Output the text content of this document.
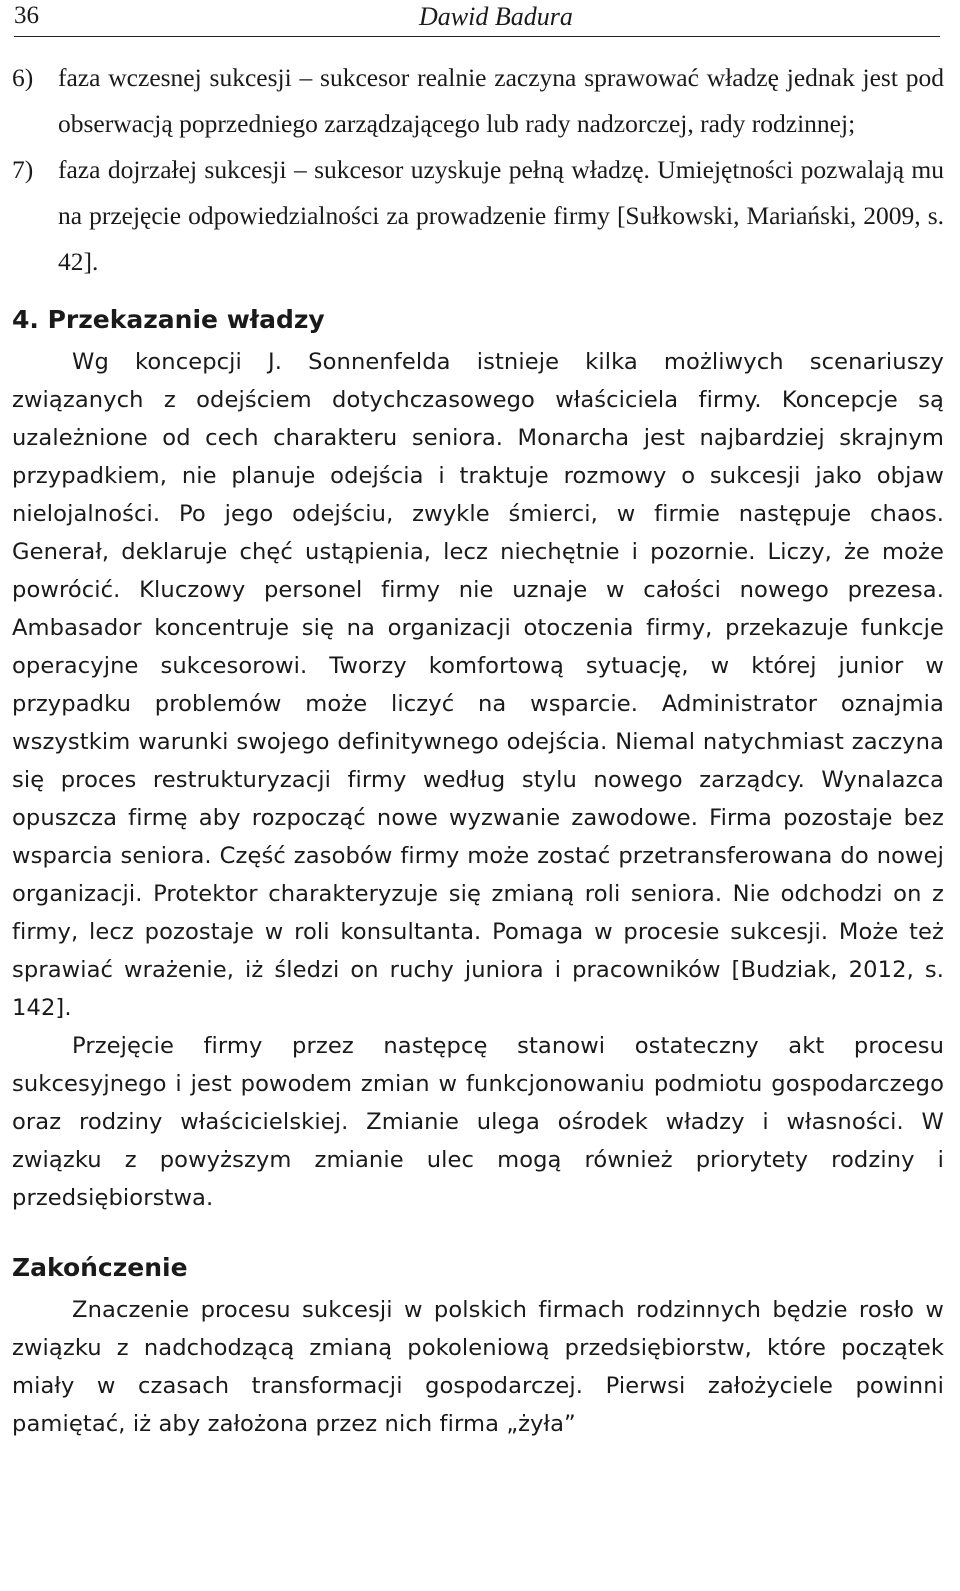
36	Dawid Badura
6) faza wczesnej sukcesji – sukcesor realnie zaczyna sprawować władzę jednak jest pod obserwacją poprzedniego zarządzającego lub rady nadzorczej, rady rodzinnej;
7) faza dojrzałej sukcesji – sukcesor uzyskuje pełną władzę. Umiejętności pozwalają mu na przejęcie odpowiedzialności za prowadzenie firmy [Sułkowski, Mariański, 2009, s. 42].
4. Przekazanie władzy

Wg koncepcji J. Sonnenfelda istnieje kilka możliwych scenariuszy związanych z odejściem dotychczasowego właściciela firmy. Koncepcje są uzależnione od cech charakteru seniora. Monarcha jest najbardziej skrajnym przypadkiem, nie planuje odejścia i traktuje rozmowy o sukcesji jako objaw nielojalności. Po jego odejściu, zwykle śmierci, w firmie następuje chaos. Generał, deklaruje chęć ustąpienia, lecz niechętnie i pozornie. Liczy, że może powrócić. Kluczowy personel firmy nie uznaje w całości nowego prezesa. Ambasador koncentruje się na organizacji otoczenia firmy, przekazuje funkcje operacyjne sukcesorowi. Tworzy komfortową sytuację, w której junior w przypadku problemów może liczyć na wsparcie. Administrator oznajmia wszystkim warunki swojego definitywnego odejścia. Niemal natychmiast zaczyna się proces restrukturyzacji firmy według stylu nowego zarządcy. Wynalazca opuszcza firmę aby rozpocząć nowe wyzwanie zawodowe. Firma pozostaje bez wsparcia seniora. Część zasobów firmy może zostać przetransferowana do nowej organizacji. Protektor charakteryzuje się zmianą roli seniora. Nie odchodzi on z firmy, lecz pozostaje w roli konsultanta. Pomaga w procesie sukcesji. Może też sprawiać wrażenie, iż śledzi on ruchy juniora i pracowników [Budziak, 2012, s. 142].

Przejęcie firmy przez następcę stanowi ostateczny akt procesu sukcesyjnego i jest powodem zmian w funkcjonowaniu podmiotu gospodarczego oraz rodziny właścicielskiej. Zmianie ulega ośrodek władzy i własności. W związku z powyższym zmianie ulec mogą również priorytety rodziny i przedsiębiorstwa.

Zakończenie

Znaczenie procesu sukcesji w polskich firmach rodzinnych będzie rosło w związku z nadchodzącą zmianą pokoleniową przedsiębiorstw, które początek miały w czasach transformacji gospodarczej. Pierwsi założyciele powinni pamiętać, iż aby założona przez nich firma „żyła”
